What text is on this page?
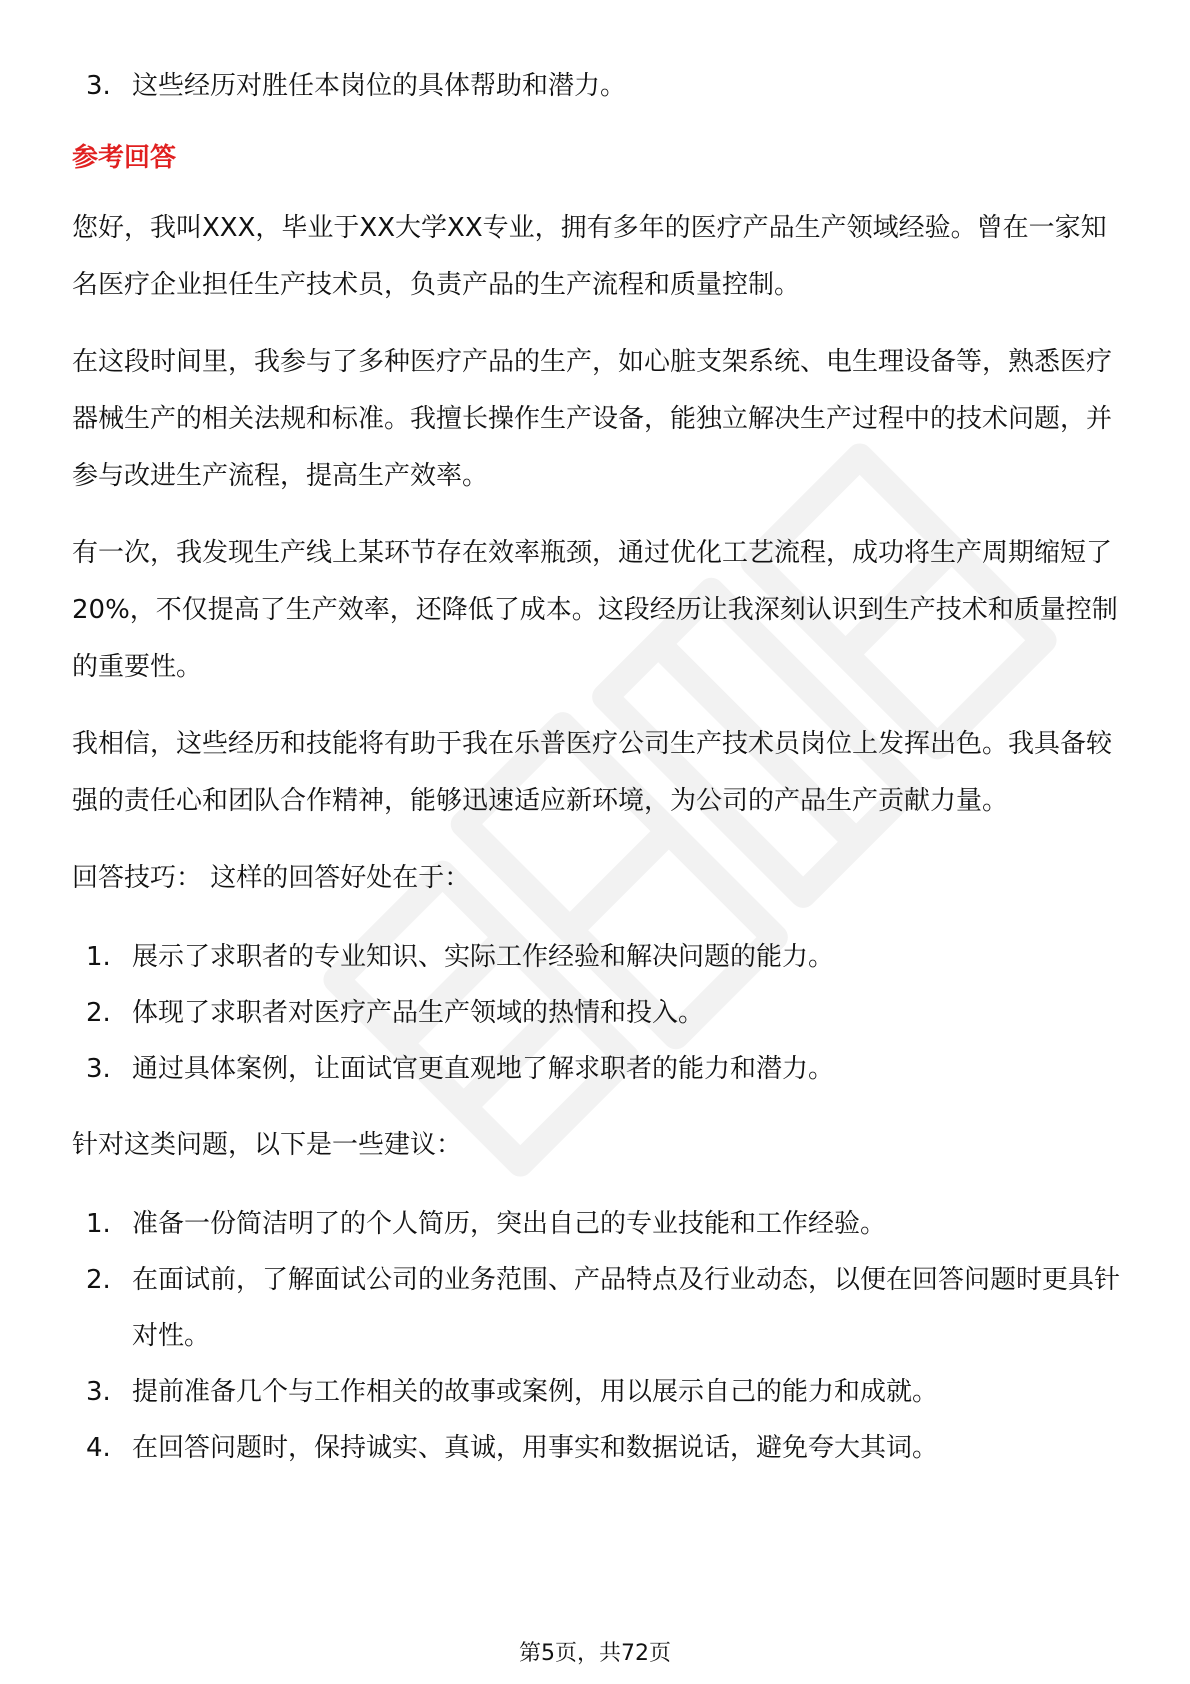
3. 这些经历对胜任本岗位的具体帮助和潜力。
参考回答
您好，我叫XXX，毕业于XX大学XX专业，拥有多年的医疗产品生产领域经验。曾在一家知名医疗企业担任生产技术员，负责产品的生产流程和质量控制。
在这段时间里，我参与了多种医疗产品的生产，如心脏支架系统、电生理设备等，熟悉医疗器械生产的相关法规和标准。我擅长操作生产设备，能独立解决生产过程中的技术问题，并参与改进生产流程，提高生产效率。
有一次，我发现生产线上某环节存在效率瓶颈，通过优化工艺流程，成功将生产周期缩短了20%，不仅提高了生产效率，还降低了成本。这段经历让我深刻认识到生产技术和质量控制的重要性。
我相信，这些经历和技能将有助于我在乐普医疗公司生产技术员岗位上发挥出色。我具备较强的责任心和团队合作精神，能够迅速适应新环境，为公司的产品生产贡献力量。
回答技巧： 这样的回答好处在于：
1. 展示了求职者的专业知识、实际工作经验和解决问题的能力。
2. 体现了求职者对医疗产品生产领域的热情和投入。
3. 通过具体案例，让面试官更直观地了解求职者的能力和潜力。
针对这类问题，以下是一些建议：
1. 准备一份简洁明了的个人简历，突出自己的专业技能和工作经验。
2. 在面试前，了解面试公司的业务范围、产品特点及行业动态，以便在回答问题时更具针对性。
3. 提前准备几个与工作相关的故事或案例，用以展示自己的能力和成就。
4. 在回答问题时，保持诚实、真诚，用事实和数据说话，避免夸大其词。
第5页，共72页
